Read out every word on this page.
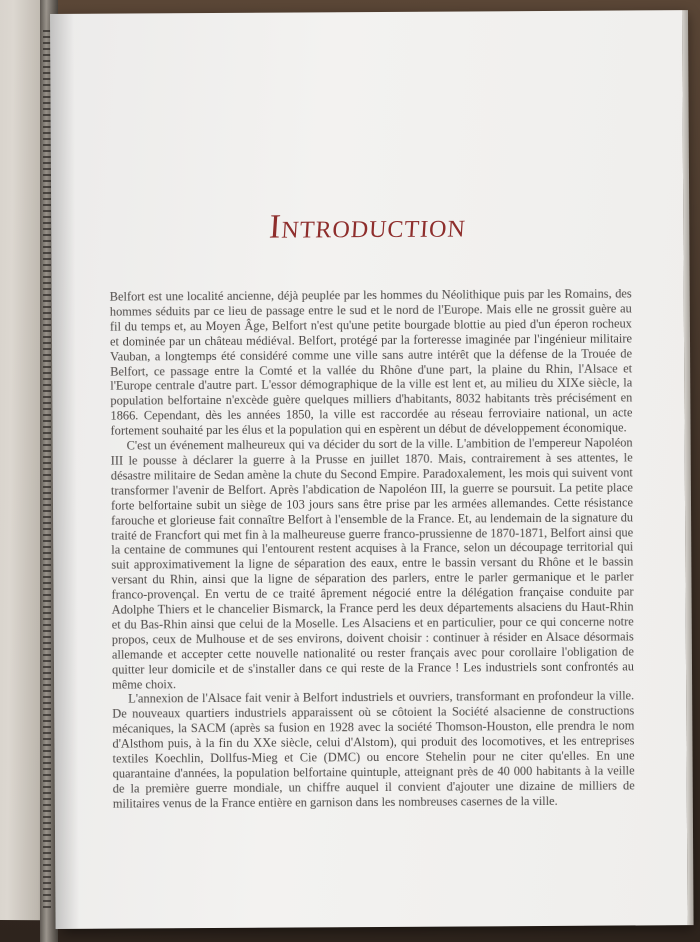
Introduction

Belfort est une localité ancienne, déjà peuplée par les hommes du Néolithique puis par les Romains, des hommes séduits par ce lieu de passage entre le sud et le nord de l'Europe. Mais elle ne grossit guère au fil du temps et, au Moyen Âge, Belfort n'est qu'une petite bourgade blottie au pied d'un éperon rocheux et dominée par un château médiéval. Belfort, protégé par la forteresse imaginée par l'ingénieur militaire Vauban, a longtemps été considéré comme une ville sans autre intérêt que la défense de la Trouée de Belfort, ce passage entre la Comté et la vallée du Rhône d'une part, la plaine du Rhin, l'Alsace et l'Europe centrale d'autre part. L'essor démographique de la ville est lent et, au milieu du XIXe siècle, la population belfortaine n'excède guère quelques milliers d'habitants, 8032 habitants très précisément en 1866. Cependant, dès les années 1850, la ville est raccordée au réseau ferroviaire national, un acte fortement souhaité par les élus et la population qui en espèrent un début de développement économique.

C'est un événement malheureux qui va décider du sort de la ville. L'ambition de l'empereur Napoléon III le pousse à déclarer la guerre à la Prusse en juillet 1870. Mais, contrairement à ses attentes, le désastre militaire de Sedan amène la chute du Second Empire. Paradoxalement, les mois qui suivent vont transformer l'avenir de Belfort. Après l'abdication de Napoléon III, la guerre se poursuit. La petite place forte belfortaine subit un siège de 103 jours sans être prise par les armées allemandes. Cette résistance farouche et glorieuse fait connaître Belfort à l'ensemble de la France. Et, au lendemain de la signature du traité de Francfort qui met fin à la malheureuse guerre franco-prussienne de 1870-1871, Belfort ainsi que la centaine de communes qui l'entourent restent acquises à la France, selon un découpage territorial qui suit approximativement la ligne de séparation des eaux, entre le bassin versant du Rhône et le bassin versant du Rhin, ainsi que la ligne de séparation des parlers, entre le parler germanique et le parler franco-provençal. En vertu de ce traité âprement négocié entre la délégation française conduite par Adolphe Thiers et le chancelier Bismarck, la France perd les deux départements alsaciens du Haut-Rhin et du Bas-Rhin ainsi que celui de la Moselle. Les Alsaciens et en particulier, pour ce qui concerne notre propos, ceux de Mulhouse et de ses environs, doivent choisir : continuer à résider en Alsace désormais allemande et accepter cette nouvelle nationalité ou rester français avec pour corollaire l'obligation de quitter leur domicile et de s'installer dans ce qui reste de la France ! Les industriels sont confrontés au même choix.

L'annexion de l'Alsace fait venir à Belfort industriels et ouvriers, transformant en profondeur la ville. De nouveaux quartiers industriels apparaissent où se côtoient la Société alsacienne de constructions mécaniques, la SACM (après sa fusion en 1928 avec la société Thomson-Houston, elle prendra le nom d'Alsthom puis, à la fin du XXe siècle, celui d'Alstom), qui produit des locomotives, et les entreprises textiles Koechlin, Dollfus-Mieg et Cie (DMC) ou encore Stehelin pour ne citer qu'elles. En une quarantaine d'années, la population belfortaine quintuple, atteignant près de 40 000 habitants à la veille de la première guerre mondiale, un chiffre auquel il convient d'ajouter une dizaine de milliers de militaires venus de la France entière en garnison dans les nombreuses casernes de la ville.
